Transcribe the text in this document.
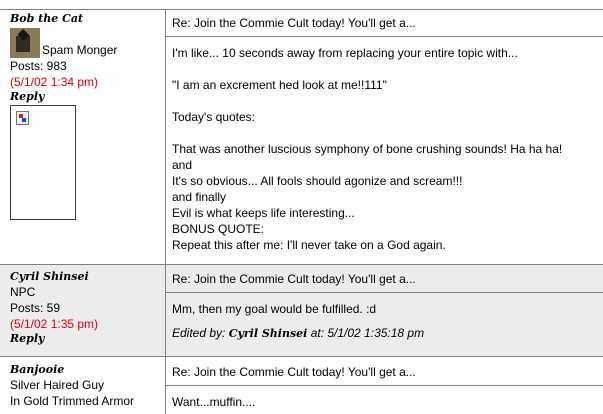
Bob the Cat
Spam Monger
Posts: 983
(5/1/02 1:34 pm)
Reply
Re: Join the Commie Cult today! You'll get a...

I'm like... 10 seconds away from replacing your entire topic with...

"I am an excrement hed look at me!!111"

Today's quotes:

That was another luscious symphony of bone crushing sounds! Ha ha ha!

and

It's so obvious... All fools should agonize and scream!!!

and finally

Evil is what keeps life interesting...

BONUS QUOTE:

Repeat this after me: I'll never take on a God again.

Cyril Shinsei
NPC
Posts: 59
(5/1/02 1:35 pm)
Reply
Re: Join the Commie Cult today! You'll get a...

Mm, then my goal would be fulfilled. :d

Edited by: Cyril Shinsei at: 5/1/02 1:35:18 pm

Banjooie
Silver Haired Guy
In Gold Trimmed Armor
Re: Join the Commie Cult today! You'll get a...

Want...muffin....
